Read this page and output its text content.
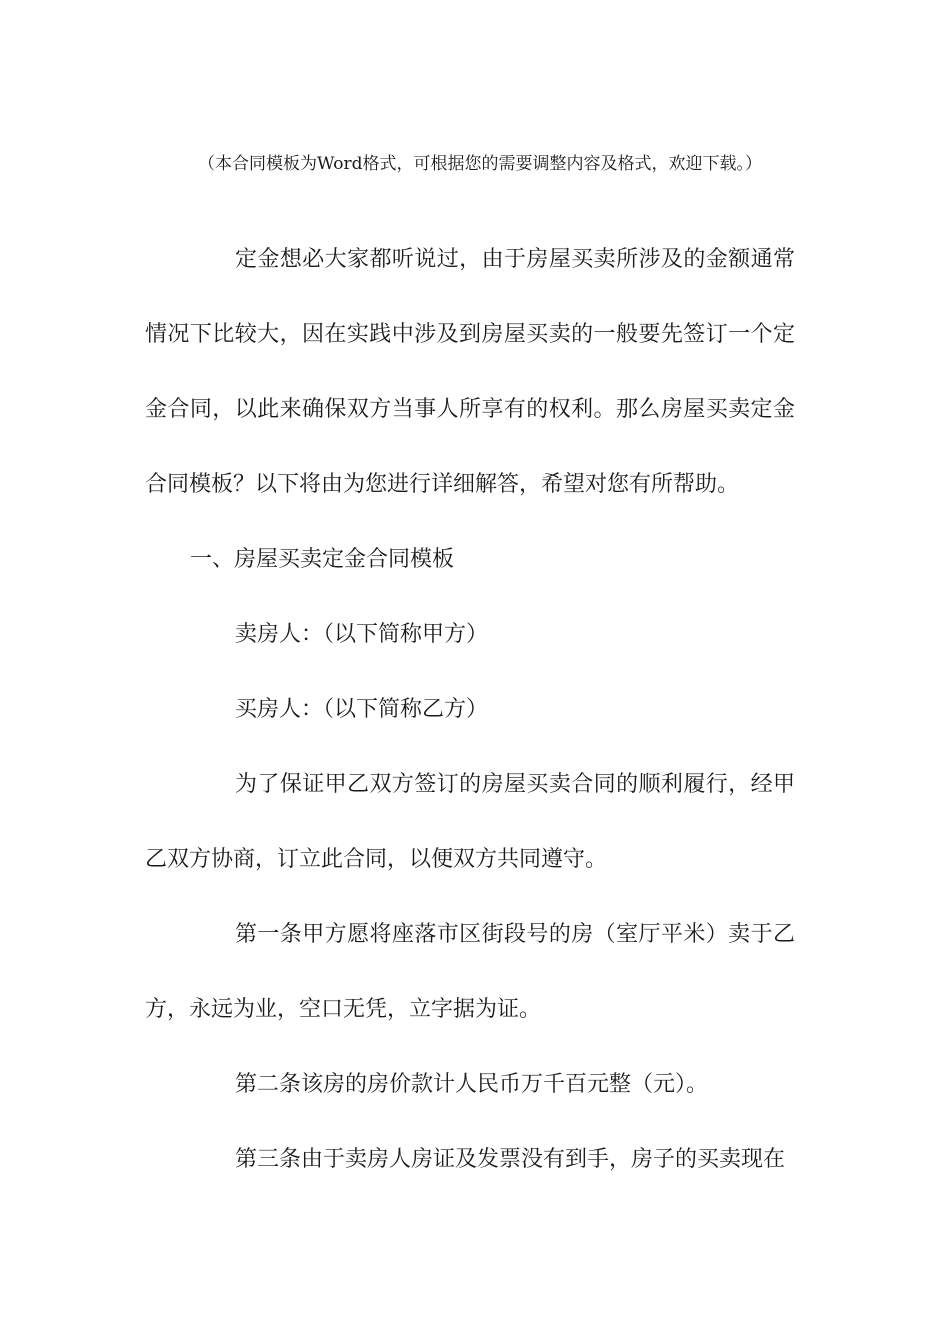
（本合同模板为Word格式，可根据您的需要调整内容及格式，欢迎下载。）

定金想必大家都听说过，由于房屋买卖所涉及的金额通常情况下比较大，因在实践中涉及到房屋买卖的一般要先签订一个定金合同，以此来确保双方当事人所享有的权利。那么房屋买卖定金合同模板？以下将由为您进行详细解答，希望对您有所帮助。

一、房屋买卖定金合同模板

卖房人：（以下简称甲方）

买房人：（以下简称乙方）

为了保证甲乙双方签订的房屋买卖合同的顺利履行，经甲乙双方协商，订立此合同，以便双方共同遵守。

第一条甲方愿将座落市区街段号的房（室厅平米）卖于乙方，永远为业，空口无凭，立字据为证。

第二条该房的房价款计人民币万千百元整（元）。

第三条由于卖房人房证及发票没有到手，房子的买卖现在
